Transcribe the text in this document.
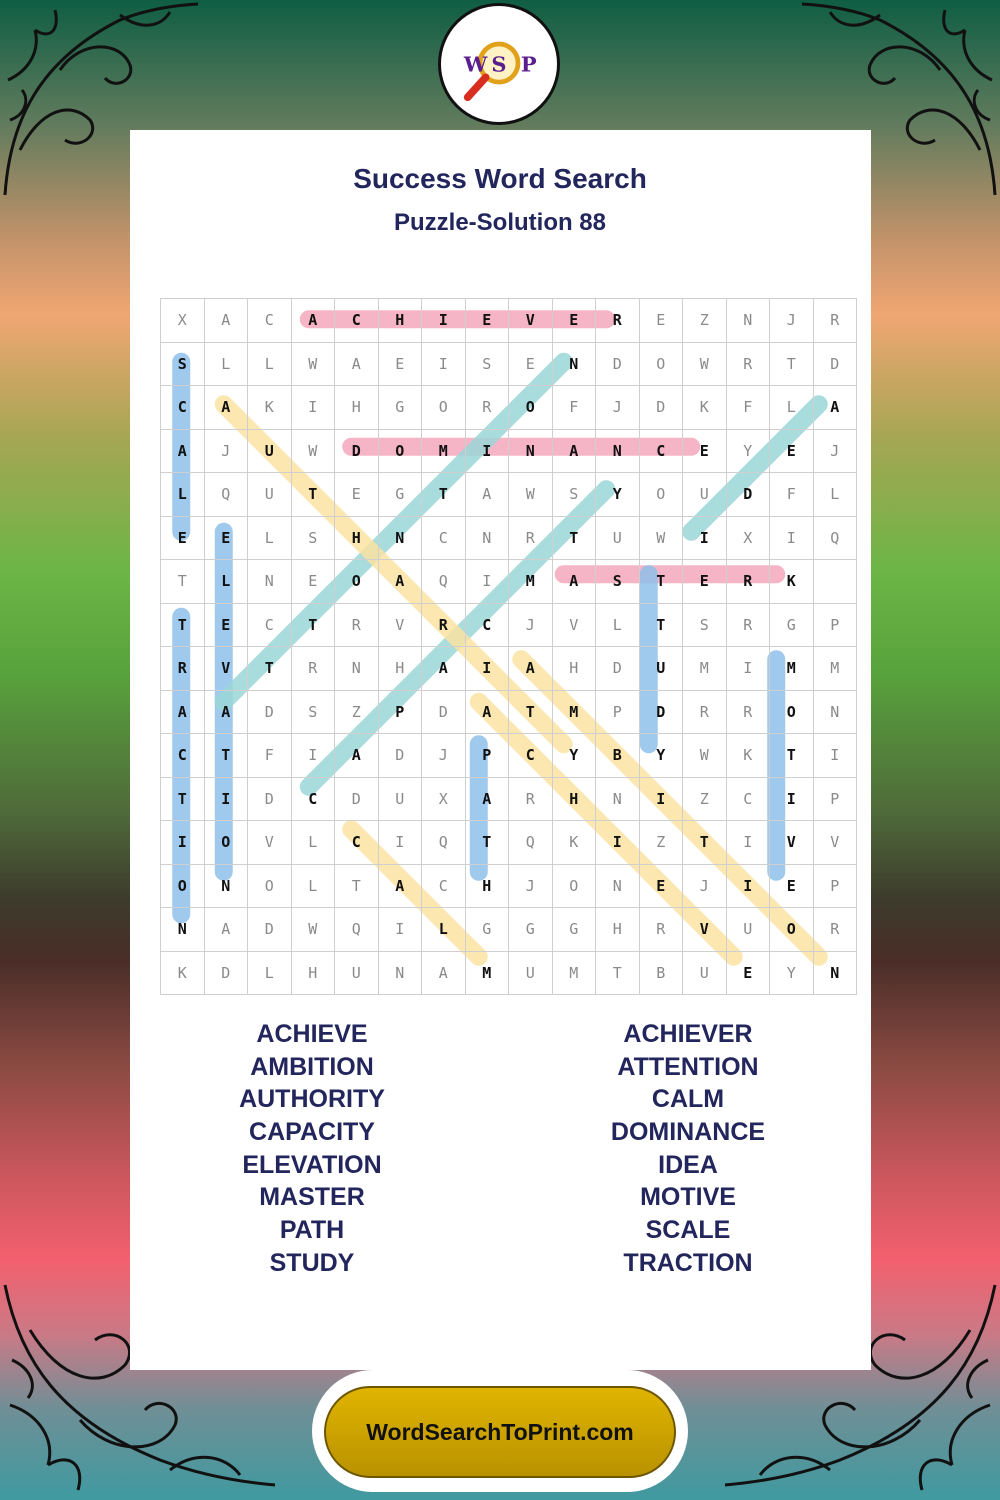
W S P
Success Word Search
Puzzle-Solution 88
X	A	C	A	C	H	I	E	V	E	R	E	Z	N	J	R
S	L	L	W	A	E	I	S	E	N	D	O	W	R	T	D
C	A	K	I	H	G	O	R	O	F	J	D	K	F	L	A
A	J	U	W	D	O	M	I	N	A	N	C	E	Y	E	J
L	Q	U	T	E	G	T	A	W	S	Y	O	U	D	F	L
E	E	L	S	H	N	C	N	R	T	U	W	I	X	I	Q
T	L	N	E	O	A	Q	I	M	A	S	T	E	R	K	
T	E	C	T	R	V	R	C	J	V	L	T	S	R	G	P
R	V	T	R	N	H	A	I	A	H	D	U	M	I	M	M
A	A	D	S	Z	P	D	A	T	M	P	D	R	R	O	N
C	T	F	I	A	D	J	P	C	Y	B	Y	W	K	T	I
T	I	D	C	D	U	X	A	R	H	N	I	Z	C	I	P
I	O	V	L	C	I	Q	T	Q	K	I	Z	T	I	V	V
O	N	O	L	T	A	C	H	J	O	N	E	J	I	E	P
N	A	D	W	Q	I	L	G	G	G	H	R	V	U	O	R
K	D	L	H	U	N	A	M	U	M	T	B	U	E	Y	N
ACHIEVE
AMBITION
AUTHORITY
CAPACITY
ELEVATION
MASTER
PATH
STUDY
ACHIEVER
ATTENTION
CALM
DOMINANCE
IDEA
MOTIVE
SCALE
TRACTION
WordSearchToPrint.com
